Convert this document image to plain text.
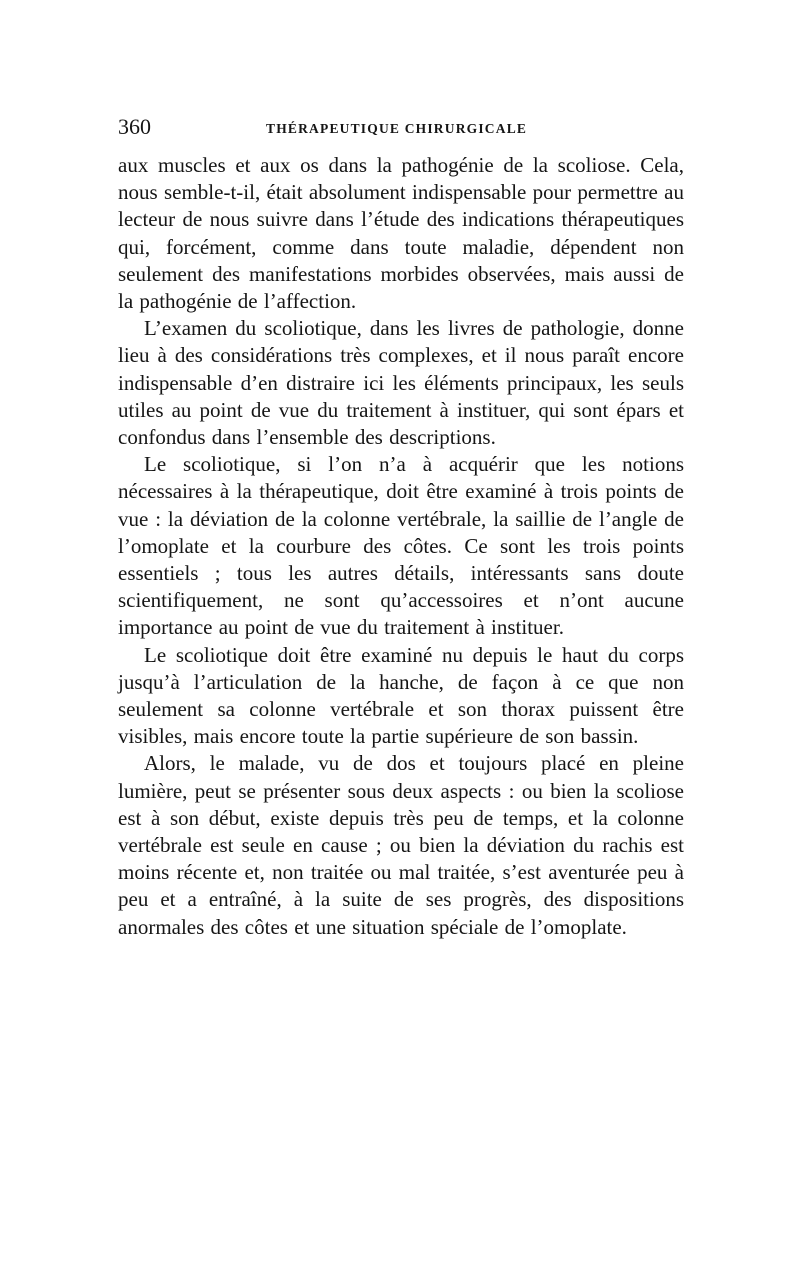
360	THÉRAPEUTIQUE CHIRURGICALE

aux muscles et aux os dans la pathogénie de la scoliose. Cela, nous semble-t-il, était absolument indispensable pour permettre au lecteur de nous suivre dans l’étude des indications thérapeutiques qui, forcément, comme dans toute maladie, dépendent non seulement des manifestations morbides observées, mais aussi de la pathogénie de l’affection.

L’examen du scoliotique, dans les livres de pathologie, donne lieu à des considérations très complexes, et il nous paraît encore indispensable d’en distraire ici les éléments principaux, les seuls utiles au point de vue du traitement à instituer, qui sont épars et confondus dans l’ensemble des descriptions.

Le scoliotique, si l’on n’a à acquérir que les notions nécessaires à la thérapeutique, doit être examiné à trois points de vue : la déviation de la colonne vertébrale, la saillie de l’angle de l’omoplate et la courbure des côtes. Ce sont les trois points essentiels ; tous les autres détails, intéressants sans doute scientifiquement, ne sont qu’accessoires et n’ont aucune importance au point de vue du traitement à instituer.

Le scoliotique doit être examiné nu depuis le haut du corps jusqu’à l’articulation de la hanche, de façon à ce que non seulement sa colonne vertébrale et son thorax puissent être visibles, mais encore toute la partie supérieure de son bassin.

Alors, le malade, vu de dos et toujours placé en pleine lumière, peut se présenter sous deux aspects : ou bien la scoliose est à son début, existe depuis très peu de temps, et la colonne vertébrale est seule en cause ; ou bien la déviation du rachis est moins récente et, non traitée ou mal traitée, s’est aventurée peu à peu et a entraîné, à la suite de ses progrès, des dispositions anormales des côtes et une situation spéciale de l’omoplate.
